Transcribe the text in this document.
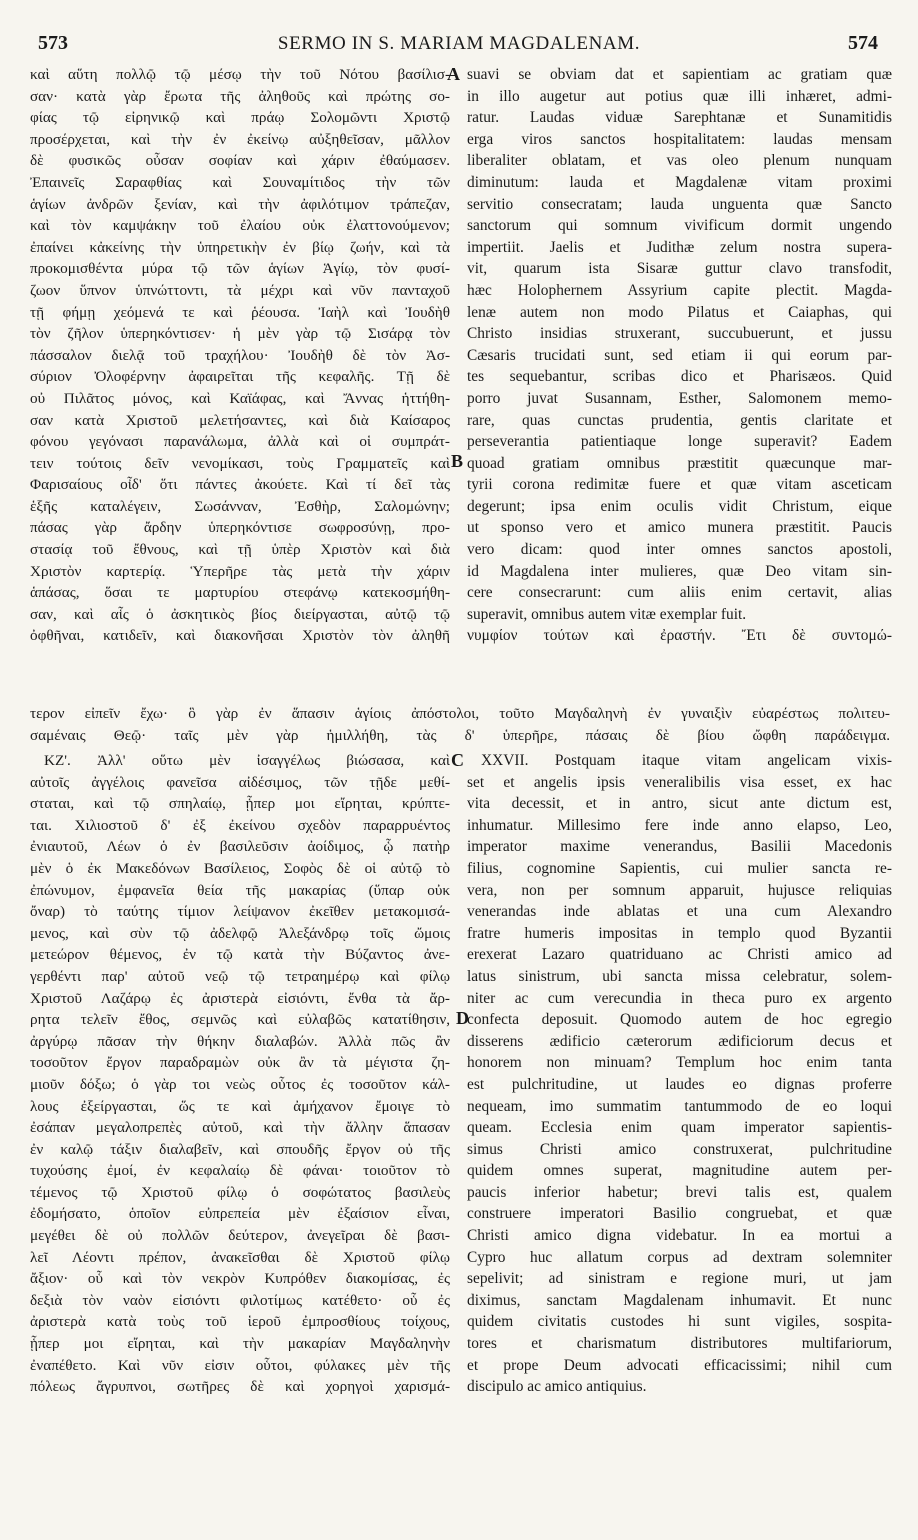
573	SERMO IN S. MARIAM MAGDALENAM.	574
καὶ αὕτη πολλῷ τῷ μέσῳ τὴν τοῦ Νότου βασίλισ-
σαν· κατὰ γὰρ ἔρωτα τῆς ἀληθοῦς καὶ πρώτης σο-
φίας τῷ εἰρηνικῷ καὶ πράῳ Σολομῶντι Χριστῷ
προσέρχεται, καὶ τὴν ἐν ἐκείνῳ αὐξηθεῖσαν, μᾶλλον
δὲ φυσικῶς οὖσαν σοφίαν καὶ χάριν ἐθαύμασεν.
Ἐπαινεῖς Σαραφθίας καὶ Σουναμίτιδος τὴν τῶν
ἁγίων ἀνδρῶν ξενίαν, καὶ τὴν ἀφιλότιμον τράπεζαν,
καὶ τὸν καμψάκην τοῦ ἐλαίου οὐκ ἐλαττονούμενον;
ἐπαίνει κἀκείνης τὴν ὑπηρετικὴν ἐν βίῳ ζωήν, καὶ τὰ
προκομισθέντα μύρα τῷ τῶν ἁγίων Ἁγίῳ, τὸν φυσί-
ζωον ὕπνον ὑπνώττοντι, τὰ μέχρι καὶ νῦν πανταχοῦ
τῇ φήμῃ χεόμενά τε καὶ ῥέουσα. Ἰαὴλ καὶ Ἰουδὴθ
τὸν ζῆλον ὑπερηκόντισεν· ἡ μὲν γὰρ τῷ Σισάρᾳ τὸν
πάσσαλον διελᾷ τοῦ τραχήλου· Ἰουδὴθ δὲ τὸν Ἀσ-
σύριον Ὀλοφέρνην ἀφαιρεῖται τῆς κεφαλῆς. Τῇ δὲ
οὐ Πιλᾶτος μόνος, καὶ Καϊάφας, καὶ Ἄννας ἡττήθη-
σαν κατὰ Χριστοῦ μελετήσαντες, καὶ διὰ Καίσαρος
φόνου γεγόνασι παρανάλωμα, ἀλλὰ καὶ οἱ συμπράτ-
τειν τούτοις δεῖν νενομίκασι, τοὺς Γραμματεῖς καὶ
Φαρισαίους οἶδ' ὅτι πάντες ἀκούετε. Καὶ τί δεῖ τὰς
ἑξῆς καταλέγειν, Σωσάνναν, Ἐσθὴρ, Σαλομώνην;
πάσας γὰρ ἄρδην ὑπερηκόντισε σωφροσύνῃ, προ-
στασίᾳ τοῦ ἔθνους, καὶ τῇ ὑπὲρ Χριστὸν καὶ διὰ
Χριστὸν καρτερίᾳ. Ὑπερῆρε τὰς μετὰ τὴν χάριν
ἁπάσας, ὅσαι τε μαρτυρίου στεφάνῳ κατεκοσμήθη-
σαν, καὶ αἷς ὁ ἀσκητικὸς βίος διείργασται, αὐτῷ τῷ
ὀφθῆναι, κατιδεῖν, καὶ διακονῆσαι Χριστὸν τὸν ἀληθῆ
suavi se obviam dat et sapientiam ac gratiam quæ
in illo augetur aut potius quæ illi inhæret, admi-
ratur. Laudas viduæ Sarephtanæ et Sunamitidis
erga viros sanctos hospitalitatem: laudas mensam
liberaliter oblatam, et vas oleo plenum nunquam
diminutum: lauda et Magdalenæ vitam proximi
servitio consecratam; lauda unguenta quæ Sancto
sanctorum qui somnum vivificum dormit ungendo
impertiit. Jaelis et Judithæ zelum nostra supera-
vit, quarum ista Sisaræ guttur clavo transfodit,
hæc Holophernem Assyrium capite plectit. Magda-
lenæ autem non modo Pilatus et Caiaphas, qui
Christo insidias struxerant, succubuerunt, et jussu
Cæsaris trucidati sunt, sed etiam ii qui eorum par-
tes sequebantur, scribas dico et Pharisæos. Quid
porro juvat Susannam, Esther, Salomonem memo-
rare, quas cunctas prudentia, gentis claritate et
perseverantia patientiaque longe superavit? Eadem
quoad gratiam omnibus præstitit quæcunque mar-
tyrii corona redimitæ fuere et quæ vitam asceticam
degerunt; ipsa enim oculis vidit Christum, eique
ut sponso vero et amico munera præstitit. Paucis
vero dicam: quod inter omnes sanctos apostoli,
id Magdalena inter mulieres, quæ Deo vitam sin-
cere consecrarunt: cum aliis enim certavit, alias
superavit, omnibus autem vitæ exemplar fuit.
νυμφίον τούτων καὶ ἐραστήν. Ἔτι δὲ συντομώ-
τερον εἰπεῖν ἔχω· ὃ γὰρ ἐν ἅπασιν ἁγίοις ἀπόστολοι, τοῦτο Μαγδαληνὴ ἐν γυναιξὶν εὐαρέστως πολιτευ-
σαμέναις Θεῷ· ταῖς μὲν γὰρ ἡμιλλήθη, τὰς δ' ὑπερῆρε, πάσαις δὲ βίου ὤφθη παράδειγμα.
ΚΖ'. Ἀλλ' οὕτω μὲν ἰσαγγέλως βιώσασα, καὶ
αὐτοῖς ἀγγέλοις φανεῖσα αἰδέσιμος, τῶν τῇδε μεθί-
σταται, καὶ τῷ σπηλαίῳ, ᾗπερ μοι εἴρηται, κρύπτε-
ται. Χιλιοστοῦ δ' ἐξ ἐκείνου σχεδὸν παραρρυέντος
ἐνιαυτοῦ, Λέων ὁ ἐν βασιλεῦσιν ἀοίδιμος, ᾧ πατὴρ
μὲν ὁ ἐκ Μακεδόνων Βασίλειος, Σοφὸς δὲ οἱ αὐτῷ τὸ
ἐπώνυμον, ἐμφανεῖα θεία τῆς μακαρίας (ὕπαρ οὐκ
ὄναρ) τὸ ταύτης τίμιον λείψανον ἐκεῖθεν μετακομισά-
μενος, καὶ σὺν τῷ ἀδελφῷ Ἀλεξάνδρῳ τοῖς ὤμοις
μετεώρον θέμενος, ἐν τῷ κατὰ τὴν Βύζαντος ἀνε-
γερθέντι παρ' αὐτοῦ νεῷ τῷ τετραημέρῳ καὶ φίλῳ
Χριστοῦ Λαζάρῳ ἐς ἀριστερὰ εἰσιόντι, ἔνθα τὰ ἄρ-
ρητα τελεῖν ἔθος, σεμνῶς καὶ εὐλαβῶς κατατίθησιν,
ἀργύρῳ πᾶσαν τὴν θήκην διαλαβών. Ἀλλὰ πῶς ἂν
τοσοῦτον ἔργον παραδραμὼν οὐκ ἂν τὰ μέγιστα ζη-
μιοῦν δόξω; ὁ γὰρ τοι νεὼς οὗτος ἐς τοσοῦτον κάλ-
λους ἐξείργασται, ὥς τε καὶ ἀμήχανον ἔμοιγε τὸ
ἐσάπαν μεγαλοπρεπὲς αὐτοῦ, καὶ τὴν ἄλλην ἅπασαν
ἐν καλῷ τάξιν διαλαβεῖν, καὶ σπουδῆς ἔργον οὐ τῆς
τυχούσης ἐμοί, ἐν κεφαλαίῳ δὲ φάναι· τοιοῦτον τὸ
τέμενος τῷ Χριστοῦ φίλῳ ὁ σοφώτατος βασιλεὺς
ἐδομήσατο, ὁποῖον εὐπρεπεία μὲν ἐξαίσιον εἶναι,
μεγέθει δὲ οὐ πολλῶν δεύτερον, ἀνεγεῖραι δὲ βασι-
λεῖ Λέοντι πρέπον, ἀνακεῖσθαι δὲ Χριστοῦ φίλῳ
ἄξιον· οὗ καὶ τὸν νεκρὸν Κυπρόθεν διακομίσας, ἐς
δεξιὰ τὸν ναὸν εἰσιόντι φιλοτίμως κατέθετο· οὗ ἐς
ἀριστερὰ κατὰ τοὺς τοῦ ἱεροῦ ἐμπροσθίους τοίχους,
ᾗπερ μοι εἴρηται, καὶ τὴν μακαρίαν Μαγδαληνὴν
ἐναπέθετο. Καὶ νῦν εἰσιν οὗτοι, φύλακες μὲν τῆς
πόλεως ἄγρυπνοι, σωτῆρες δὲ καὶ χορηγοὶ χαρισμά-
XXVII. Postquam itaque vitam angelicam vixis-
set et angelis ipsis veneralibilis visa esset, ex hac
vita decessit, et in antro, sicut ante dictum est,
inhumatur. Millesimo fere inde anno elapso, Leo,
imperator maxime venerandus, Basilii Macedonis
filius, cognomine Sapientis, cui mulier sancta re-
vera, non per somnum apparuit, hujusce reliquias
venerandas inde ablatas et una cum Alexandro
fratre humeris impositas in templo quod Byzantii
erexerat Lazaro quatriduano ac Christi amico ad
latus sinistrum, ubi sancta missa celebratur, solem-
niter ac cum verecundia in theca puro ex argento
confecta deposuit. Quomodo autem de hoc egregio
disserens ædificio cæterorum ædificiorum decus et
honorem non minuam? Templum hoc enim tanta
est pulchritudine, ut laudes eo dignas proferre
nequeam, imo summatim tantummodo de eo loqui
queam. Ecclesia enim quam imperator sapientis-
simus Christi amico construxerat, pulchritudine
quidem omnes superat, magnitudine autem per-
paucis inferior habetur; brevi talis est, qualem
construere imperatori Basilio congruebat, et quæ
Christi amico digna videbatur. In ea mortui a
Cypro huc allatum corpus ad dextram solemniter
sepelivit; ad sinistram e regione muri, ut jam
diximus, sanctam Magdalenam inhumavit. Et nunc
quidem civitatis custodes hi sunt vigiles, sospita-
tores et charismatum distributores multifariorum,
et prope Deum advocati efficacissimi; nihil cum
discipulo ac amico antiquius.
A
B
C
D
